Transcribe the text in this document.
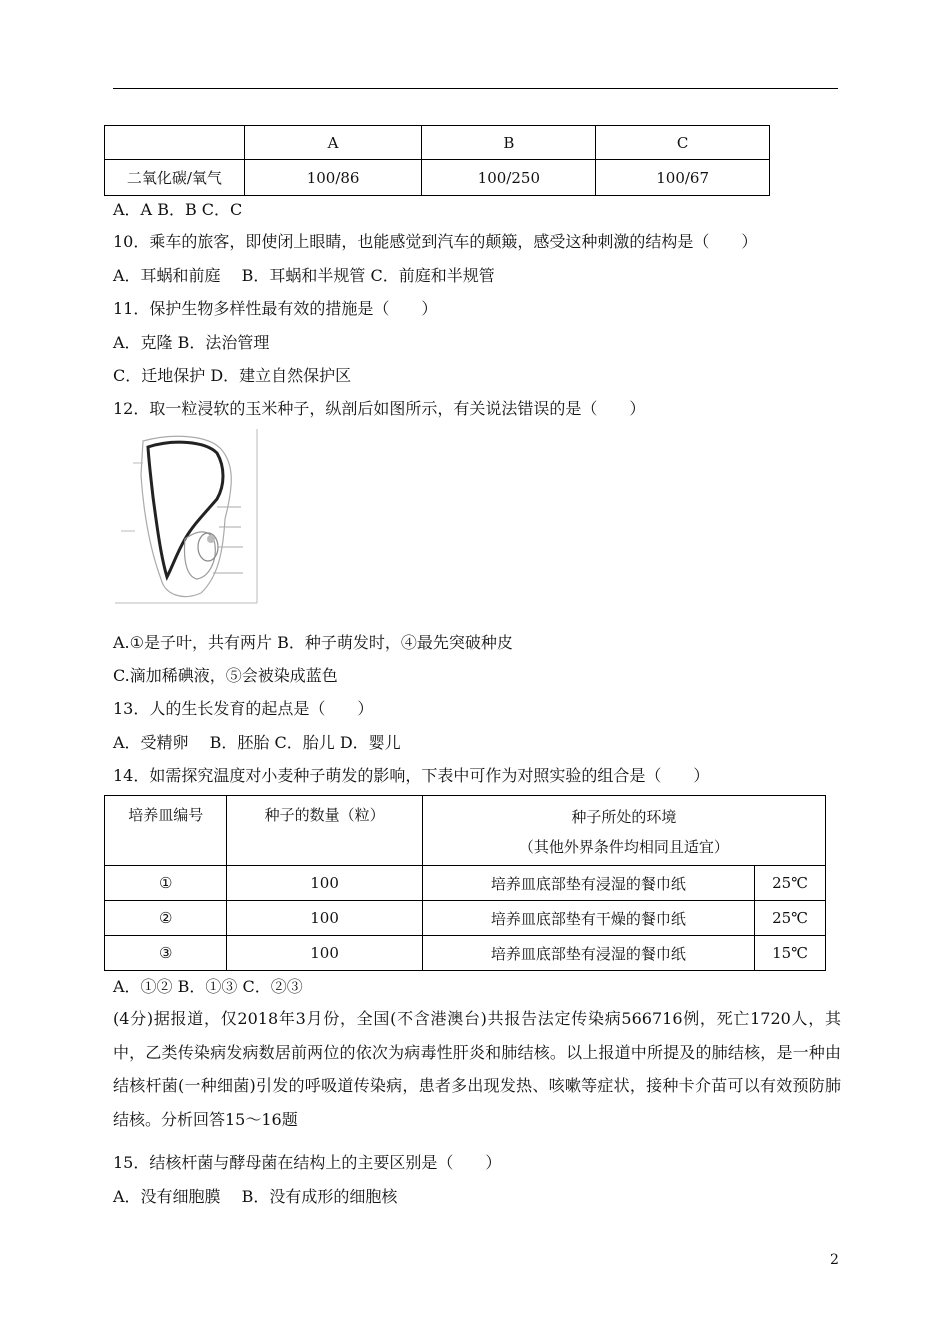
	A	B	C
二氧化碳/氧气	100/86	100/250	100/67
A．A B．B C．C
10．乘车的旅客，即使闭上眼睛，也能感觉到汽车的颠簸，感受这种刺激的结构是（　　）
A．耳蜗和前庭　 B．耳蜗和半规管 C．前庭和半规管
11．保护生物多样性最有效的措施是（　　）
A．克隆 B．法治管理
C．迁地保护 D．建立自然保护区
12．取一粒浸软的玉米种子，纵剖后如图所示，有关说法错误的是（　　）
A.①是子叶，共有两片 B．种子萌发时，④最先突破种皮
C.滴加稀碘液，⑤会被染成蓝色
13．人的生长发育的起点是（　　）
A．受精卵　 B．胚胎 C．胎儿 D．婴儿
14．如需探究温度对小麦种子萌发的影响，下表中可作为对照实验的组合是（　　）
培养皿编号	种子的数量（粒）	种子所处的环境
（其他外界条件均相同且适宜）	

①	100	培养皿底部垫有浸湿的餐巾纸	25℃
②	100	培养皿底部垫有干燥的餐巾纸	25℃
③	100	培养皿底部垫有浸湿的餐巾纸	15℃
A．①② B．①③ C．②③
(4分)据报道，仅2018年3月份，全国(不含港澳台)共报告法定传染病566716例，死亡1720人，其中，乙类传染病发病数居前两位的依次为病毒性肝炎和肺结核。以上报道中所提及的肺结核，是一种由结核杆菌(一种细菌)引发的呼吸道传染病，患者多出现发热、咳嗽等症状，接种卡介苗可以有效预防肺结核。分析回答15～16题
15．结核杆菌与酵母菌在结构上的主要区别是（　　）
A．没有细胞膜　 B．没有成形的细胞核
2
